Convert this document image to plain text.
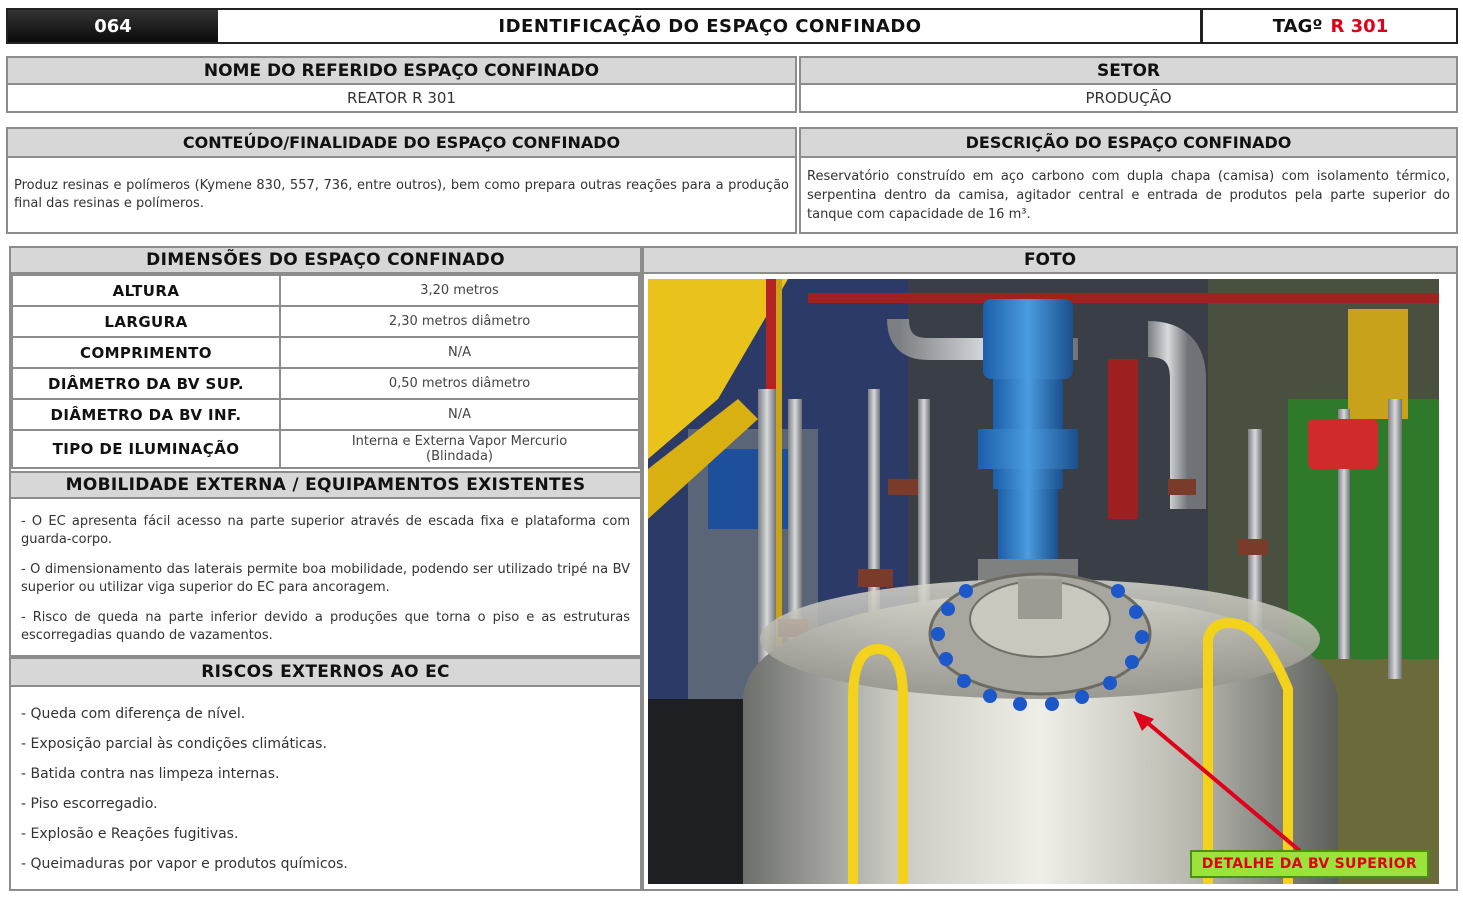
064	IDENTIFICAÇÃO DO ESPAÇO CONFINADO	TAGº R 301
NOME DO REFERIDO ESPAÇO CONFINADO
REATOR R 301
SETOR
PRODUÇÃO
CONTEÚDO/FINALIDADE DO ESPAÇO CONFINADO
Produz resinas e polímeros (Kymene 830, 557, 736, entre outros), bem como prepara outras reações para a produção final das resinas e polímeros.
DESCRIÇÃO DO ESPAÇO CONFINADO
Reservatório construído em aço carbono com dupla chapa (camisa) com isolamento térmico, serpentina dentro da camisa, agitador central e entrada de produtos pela parte superior do tanque com capacidade de 16 m³.
DIMENSÕES DO ESPAÇO CONFINADO
ALTURA	3,20 metros
LARGURA	2,30 metros diâmetro
COMPRIMENTO	N/A
DIÂMETRO DA BV SUP.	0,50 metros diâmetro
DIÂMETRO DA BV INF.	N/A
TIPO DE ILUMINAÇÃO	Interna e Externa Vapor Mercurio (Blindada)
MOBILIDADE EXTERNA / EQUIPAMENTOS EXISTENTES
- O EC apresenta fácil acesso na parte superior através de escada fixa e plataforma com guarda-corpo.
- O dimensionamento das laterais permite boa mobilidade, podendo ser utilizado tripé na BV superior ou utilizar viga superior do EC para ancoragem.
- Risco de queda na parte inferior devido a produções que torna o piso e as estruturas escorregadias quando de vazamentos.
RISCOS EXTERNOS AO EC
- Queda com diferença de nível.
- Exposição parcial às condições climáticas.
- Batida contra nas limpeza internas.
- Piso escorregadio.
- Explosão e Reações fugitivas.
- Queimaduras por vapor e produtos químicos.
FOTO
DETALHE DA BV SUPERIOR
